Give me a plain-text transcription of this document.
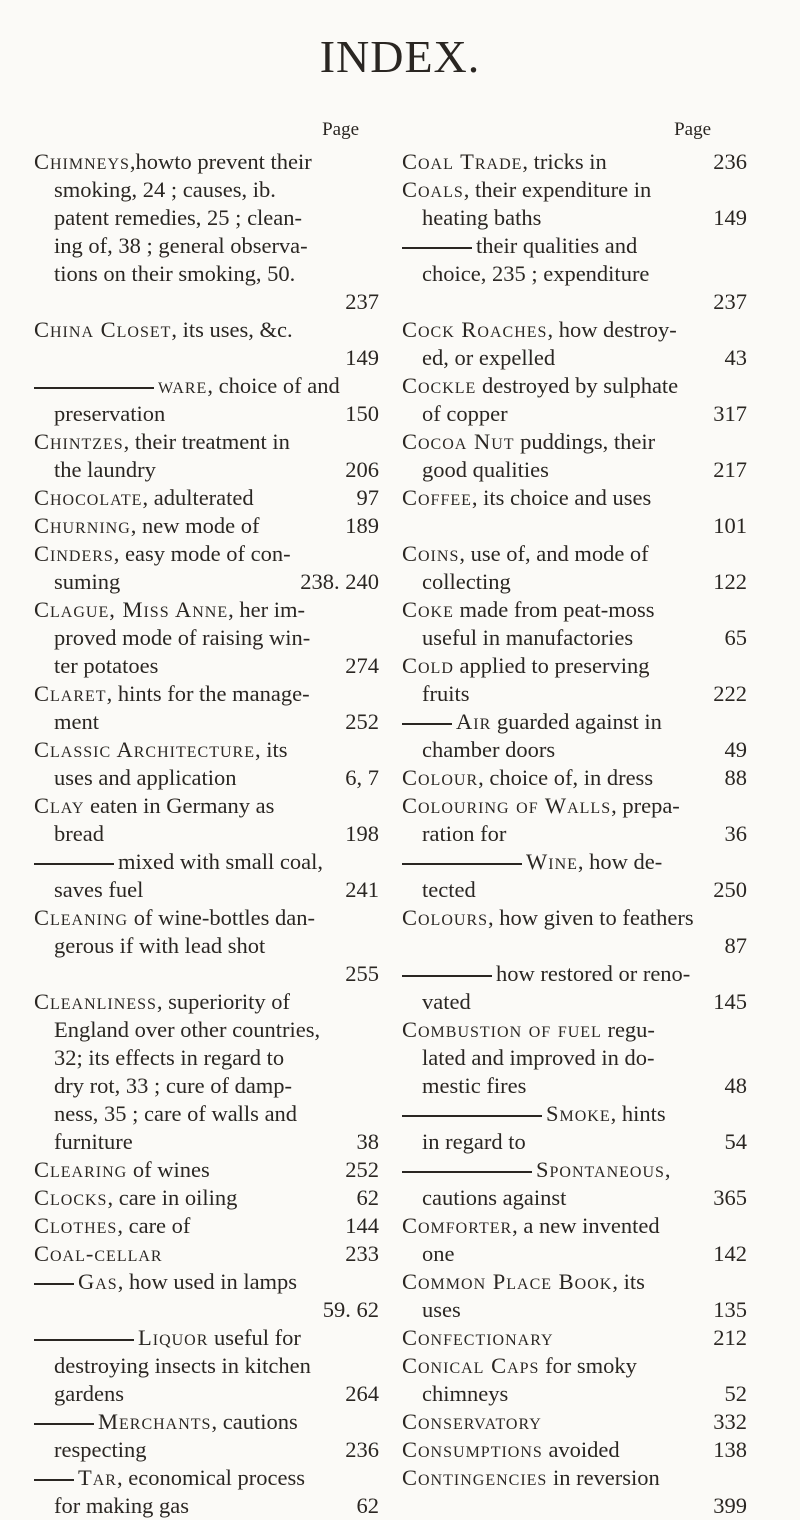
INDEX.
Page
Chimneys,howto prevent their
smoking, 24 ; causes, ib.
patent remedies, 25 ; clean-
ing of, 38 ; general observa-
tions on their smoking, 50.
237
China Closet, its uses, &c.
149
ware, choice of and
preservation	150
Chintzes, their treatment in
the laundry	206
Chocolate, adulterated	97
Churning, new mode of	189
Cinders, easy mode of con-
suming	238. 240
Clague, Miss Anne, her im-
proved mode of raising win-
ter potatoes	274
Claret, hints for the manage-
ment	252
Classic Architecture, its
uses and application	6, 7
Clay eaten in Germany as
bread	198
mixed with small coal,
saves fuel	241
Cleaning of wine-bottles dan-
gerous if with lead shot
255
Cleanliness, superiority of
England over other countries,
32; its effects in regard to
dry rot, 33 ; cure of damp-
ness, 35 ; care of walls and
furniture	38
Clearing of wines	252
Clocks, care in oiling	62
Clothes, care of	144
Coal-cellar	233
Gas, how used in lamps
59. 62
Liquor useful for
destroying insects in kitchen
gardens	264
Merchants, cautions
respecting	236
Tar, economical process
for making gas	62
Page
Coal Trade, tricks in	236
Coals, their expenditure in
heating baths	149
their qualities and
choice, 235 ; expenditure
237
Cock Roaches, how destroy-
ed, or expelled	43
Cockle destroyed by sulphate
of copper	317
Cocoa Nut puddings, their
good qualities	217
Coffee, its choice and uses
101
Coins, use of, and mode of
collecting	122
Coke made from peat-moss
useful in manufactories	65
Cold applied to preserving
fruits	222
Air guarded against in
chamber doors	49
Colour, choice of, in dress	88
Colouring of Walls, prepa-
ration for	36
Wine, how de-
tected	250
Colours, how given to feathers
87
how restored or reno-
vated	145
Combustion of fuel regu-
lated and improved in do-
mestic fires	48
Smoke, hints
in regard to	54
Spontaneous,
cautions against	365
Comforter, a new invented
one	142
Common Place Book, its
uses	135
Confectionary	212
Conical Caps for smoky
chimneys	52
Conservatory	332
Consumptions avoided	138
Contingencies in reversion
399
